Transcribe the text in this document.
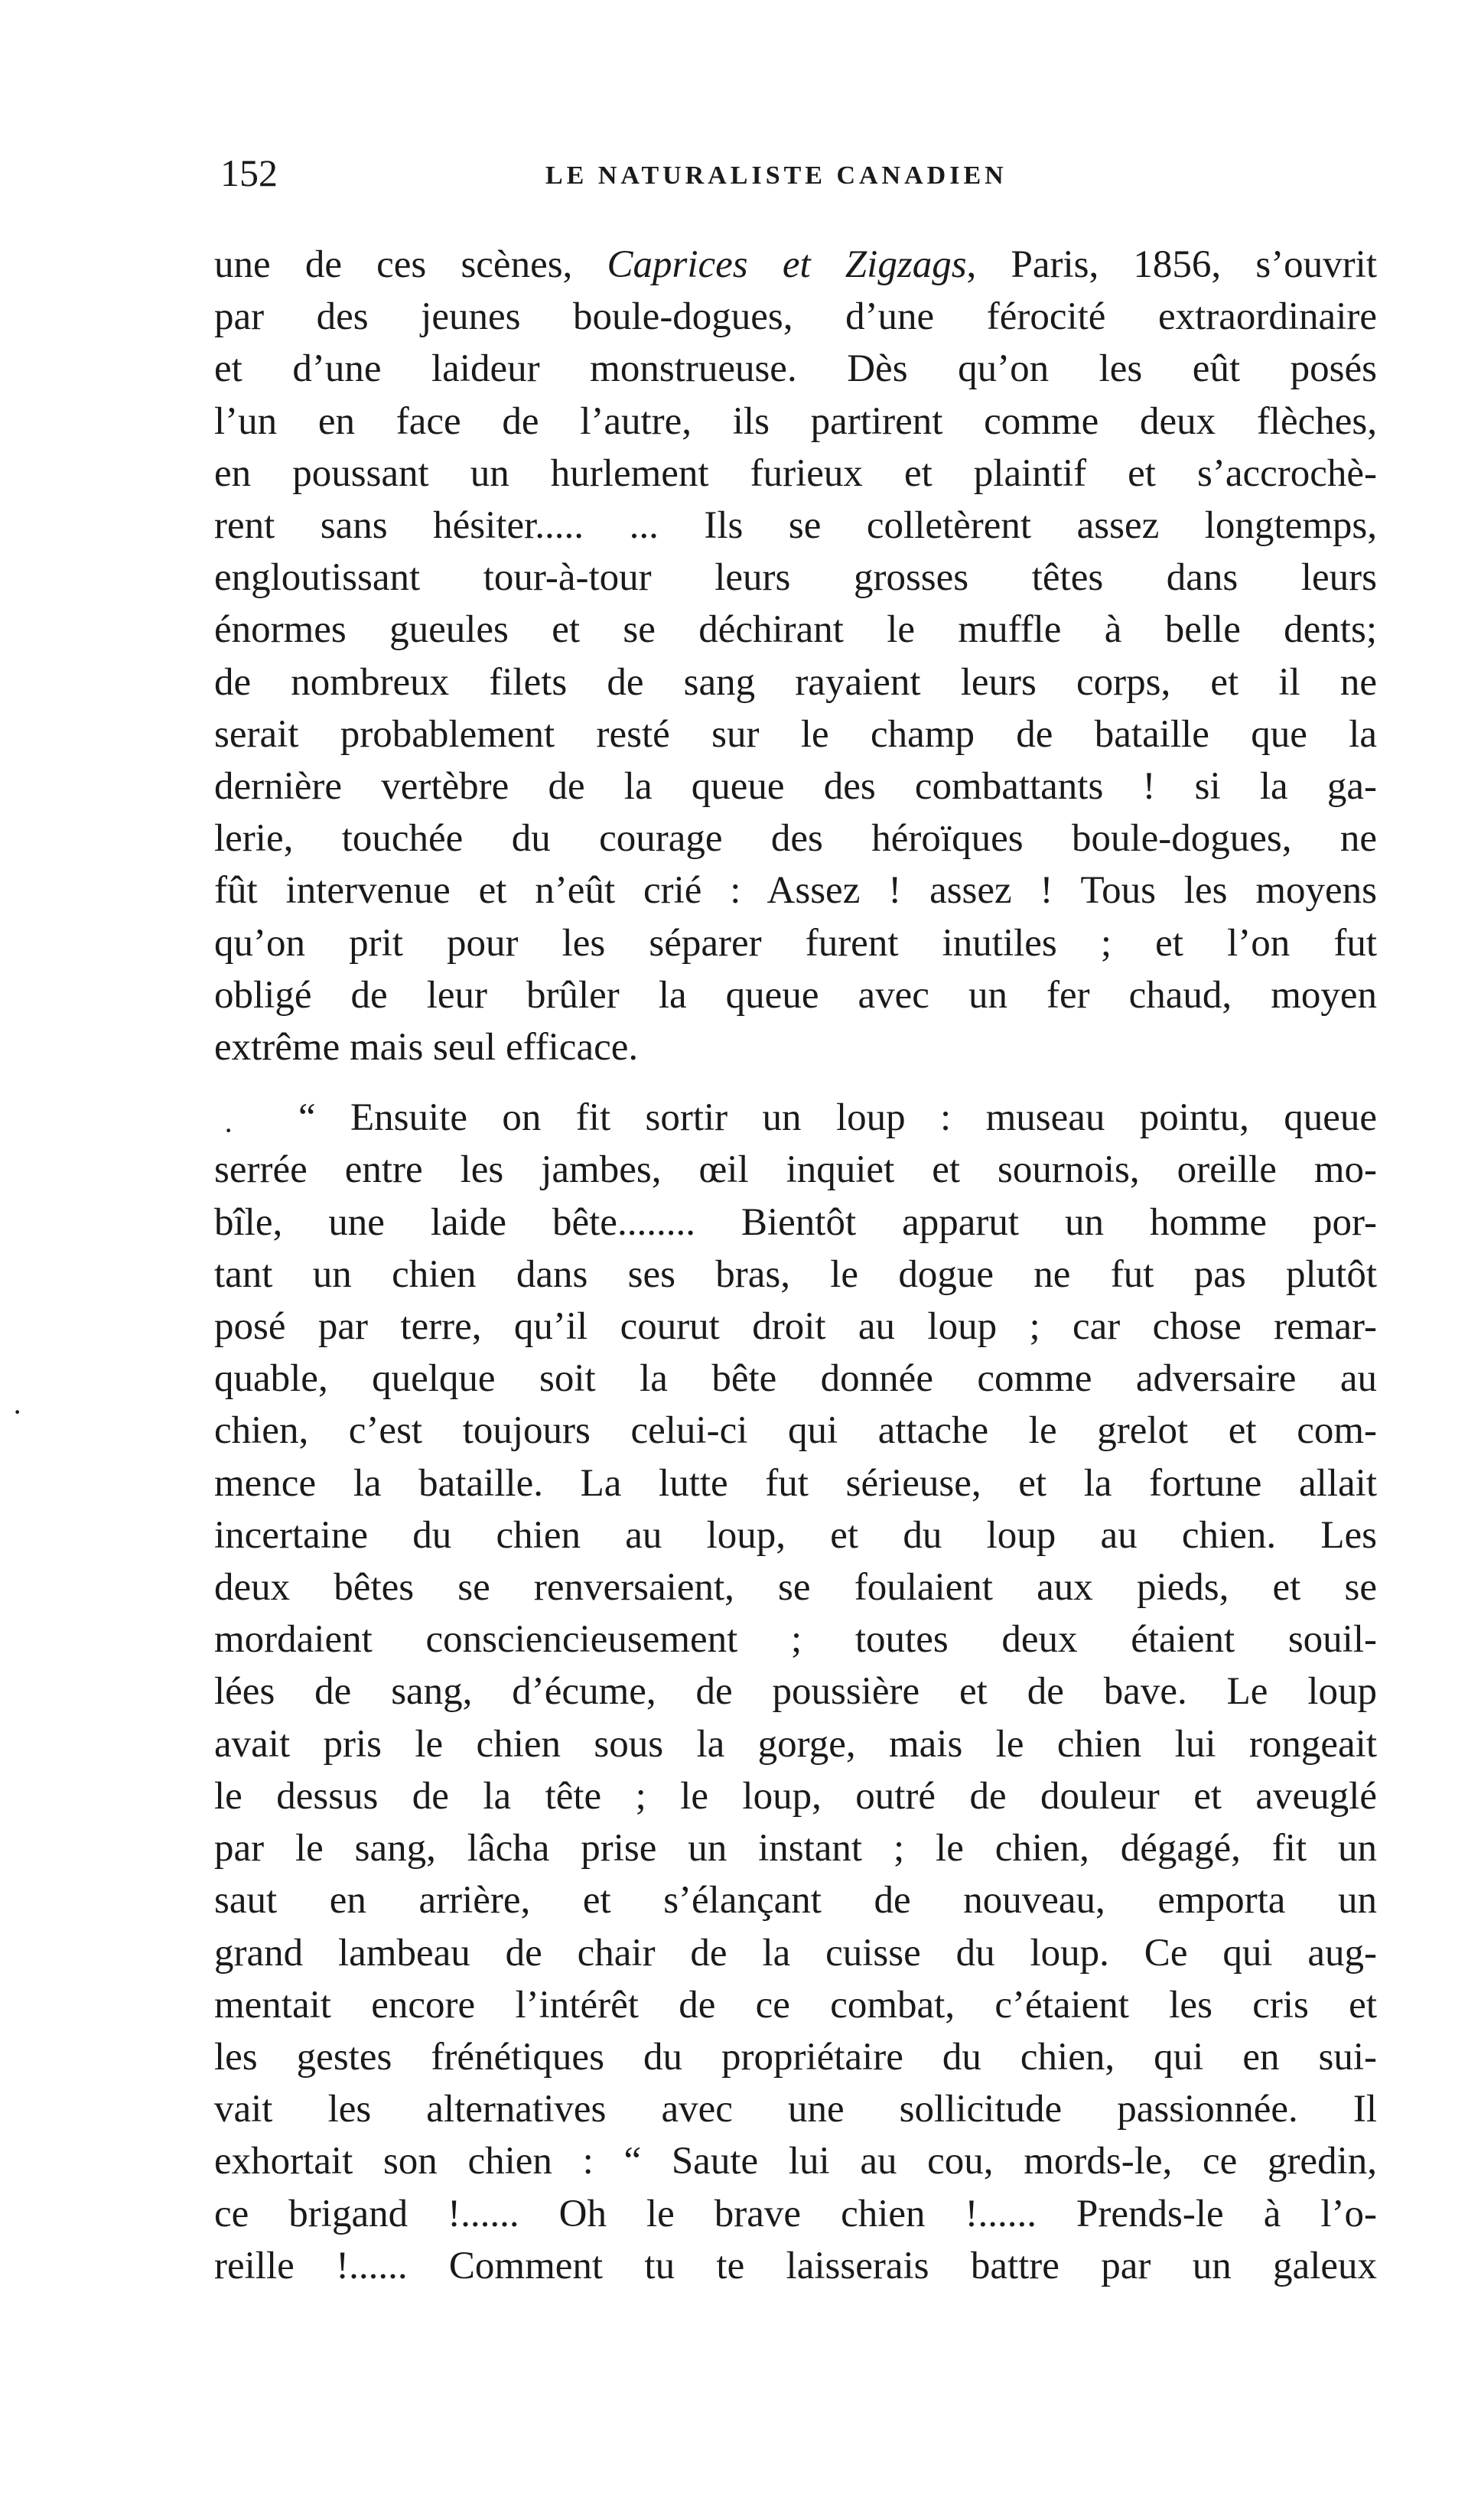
152	LE NATURALISTE CANADIEN

une de ces scènes, Caprices et Zigzags, Paris, 1856, s’ouvrit
par des jeunes boule-dogues, d’une férocité extraordinaire
et d’une laideur monstrueuse. Dès qu’on les eût posés
l’un en face de l’autre, ils partirent comme deux flèches,
en poussant un hurlement furieux et plaintif et s’accrochè-
rent sans hésiter..... ... Ils se colletèrent assez longtemps,
engloutissant tour-à-tour leurs grosses têtes dans leurs
énormes gueules et se déchirant le muffle à belle dents;
de nombreux filets de sang rayaient leurs corps, et il ne
serait probablement resté sur le champ de bataille que la
dernière vertèbre de la queue des combattants ! si la ga-
lerie, touchée du courage des héroïques boule-dogues, ne
fût intervenue et n’eût crié : Assez ! assez ! Tous les moyens
qu’on prit pour les séparer furent inutiles ; et l’on fut
obligé de leur brûler la queue avec un fer chaud, moyen
extrême mais seul efficace.

“ Ensuite on fit sortir un loup : museau pointu, queue
serrée entre les jambes, œil inquiet et sournois, oreille mo-
bîle, une laide bête........ Bientôt apparut un homme por-
tant un chien dans ses bras, le dogue ne fut pas plutôt
posé par terre, qu’il courut droit au loup ; car chose remar-
quable, quelque soit la bête donnée comme adversaire au
chien, c’est toujours celui-ci qui attache le grelot et com-
mence la bataille. La lutte fut sérieuse, et la fortune allait
incertaine du chien au loup, et du loup au chien. Les
deux bêtes se renversaient, se foulaient aux pieds, et se
mordaient consciencieusement ; toutes deux étaient souil-
lées de sang, d’écume, de poussière et de bave. Le loup
avait pris le chien sous la gorge, mais le chien lui rongeait
le dessus de la tête ; le loup, outré de douleur et aveuglé
par le sang, lâcha prise un instant ; le chien, dégagé, fit un
saut en arrière, et s’élançant de nouveau, emporta un
grand lambeau de chair de la cuisse du loup. Ce qui aug-
mentait encore l’intérêt de ce combat, c’étaient les cris et
les gestes frénétiques du propriétaire du chien, qui en sui-
vait les alternatives avec une sollicitude passionnée. Il
exhortait son chien : “ Saute lui au cou, mords-le, ce gredin,
ce brigand !...... Oh le brave chien !...... Prends-le à l’o-
reille !...... Comment tu te laisserais battre par un galeux

·
·
